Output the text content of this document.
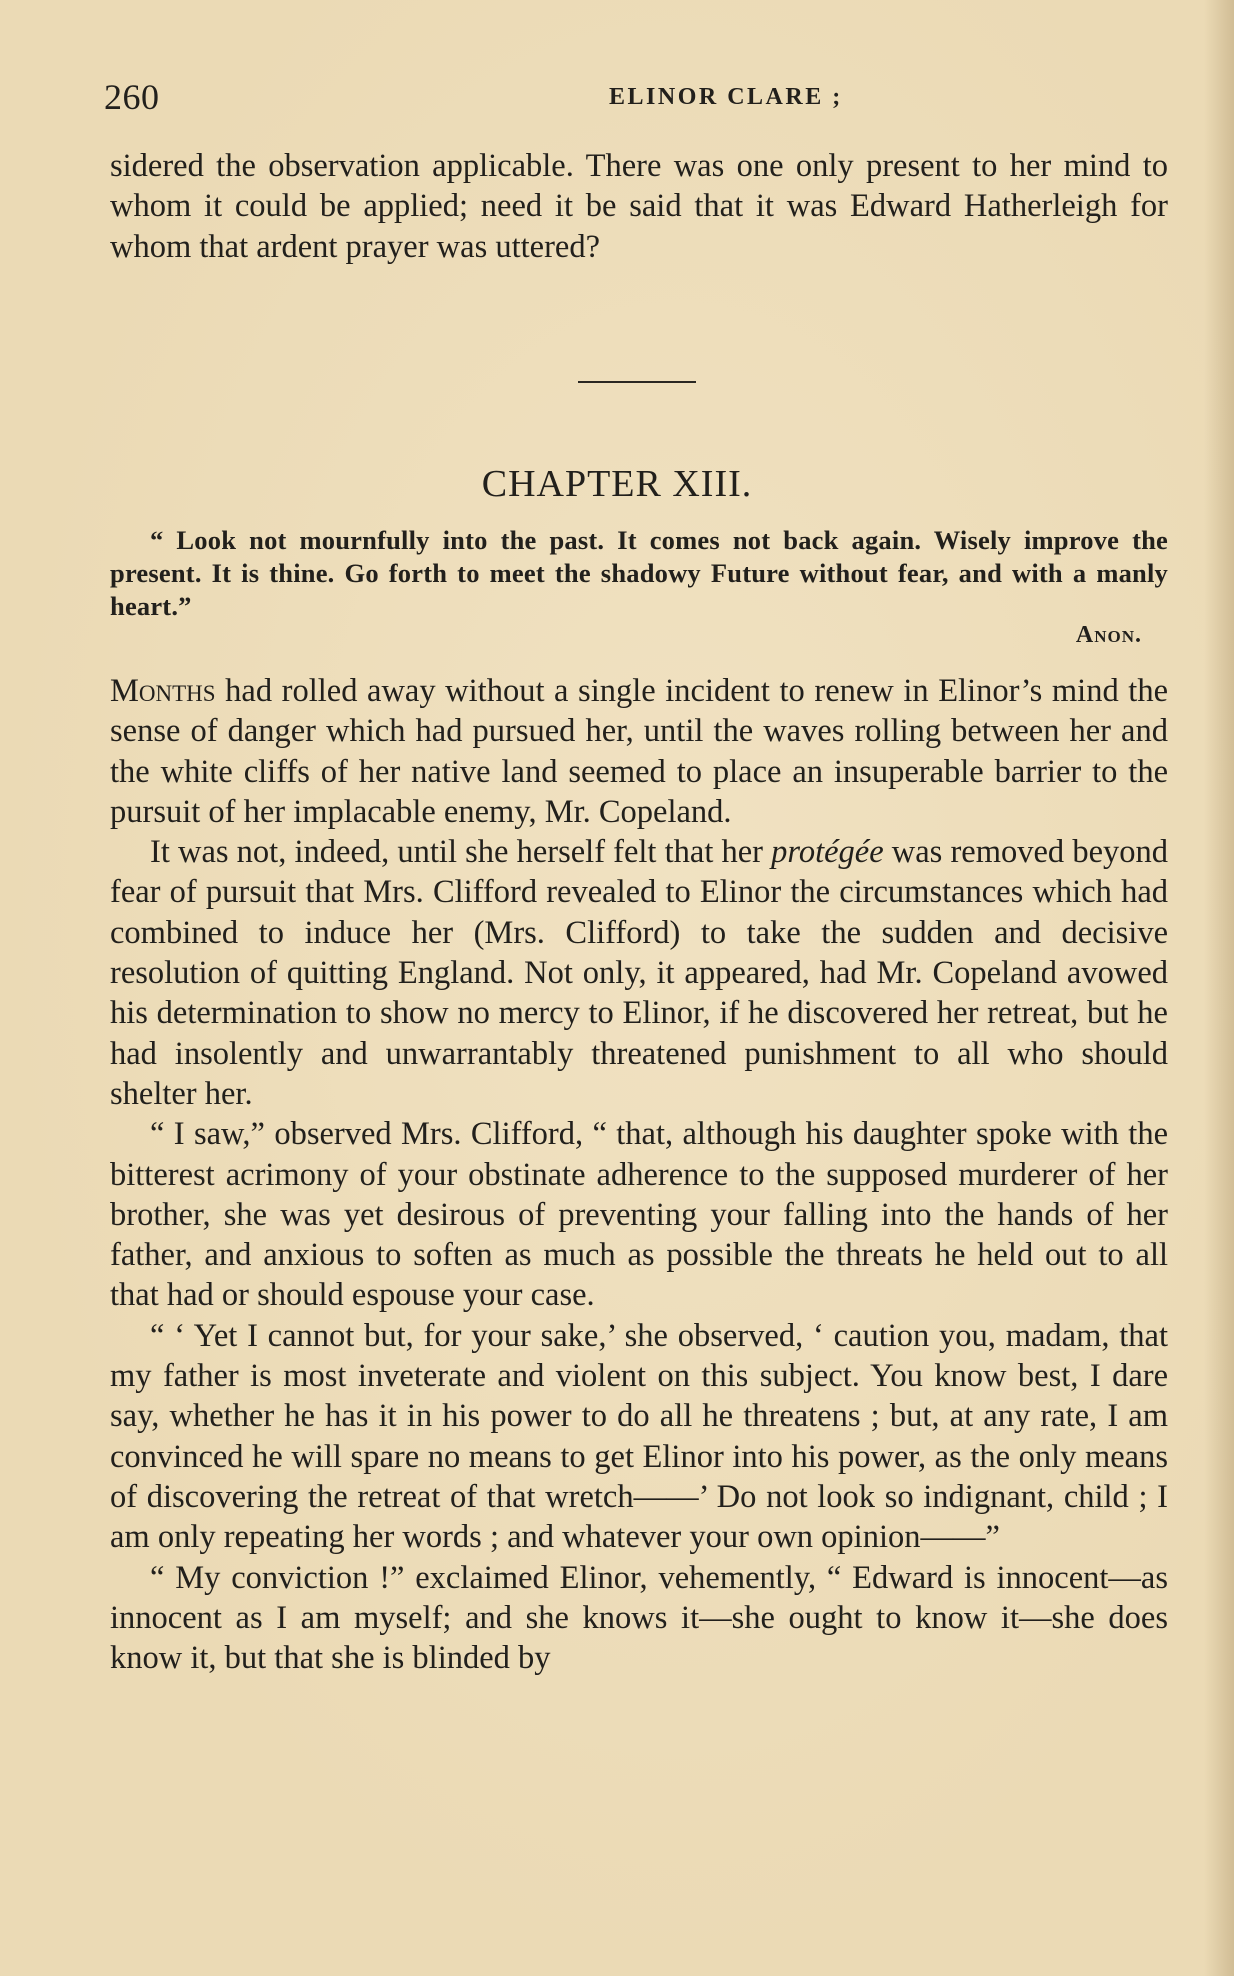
260	ELINOR CLARE ;

sidered the observation applicable. There was one only present to her mind to whom it could be applied; need it be said that it was Edward Hatherleigh for whom that ardent prayer was uttered?

CHAPTER XIII.

“ Look not mournfully into the past. It comes not back again. Wisely improve the present. It is thine. Go forth to meet the shadowy Future without fear, and with a manly heart.”

Anon.

Months had rolled away without a single incident to renew in Elinor’s mind the sense of danger which had pursued her, until the waves rolling between her and the white cliffs of her native land seemed to place an insuperable barrier to the pursuit of her implacable enemy, Mr. Copeland.

It was not, indeed, until she herself felt that her protégée was removed beyond fear of pursuit that Mrs. Clifford revealed to Elinor the circumstances which had combined to induce her (Mrs. Clifford) to take the sudden and decisive resolution of quitting England. Not only, it appeared, had Mr. Copeland avowed his determination to show no mercy to Elinor, if he discovered her retreat, but he had insolently and unwarrantably threatened punishment to all who should shelter her.

“ I saw,” observed Mrs. Clifford, “ that, although his daughter spoke with the bitterest acrimony of your obstinate adherence to the supposed murderer of her brother, she was yet desirous of preventing your falling into the hands of her father, and anxious to soften as much as possible the threats he held out to all that had or should espouse your case.

“ ‘ Yet I cannot but, for your sake,’ she observed, ‘ caution you, madam, that my father is most inveterate and violent on this subject. You know best, I dare say, whether he has it in his power to do all he threatens ; but, at any rate, I am convinced he will spare no means to get Elinor into his power, as the only means of discovering the retreat of that wretch——’ Do not look so indignant, child ; I am only repeating her words ; and whatever your own opinion——”

“ My conviction !” exclaimed Elinor, vehemently, “ Edward is innocent—as innocent as I am myself; and she knows it—she ought to know it—she does know it, but that she is blinded by
